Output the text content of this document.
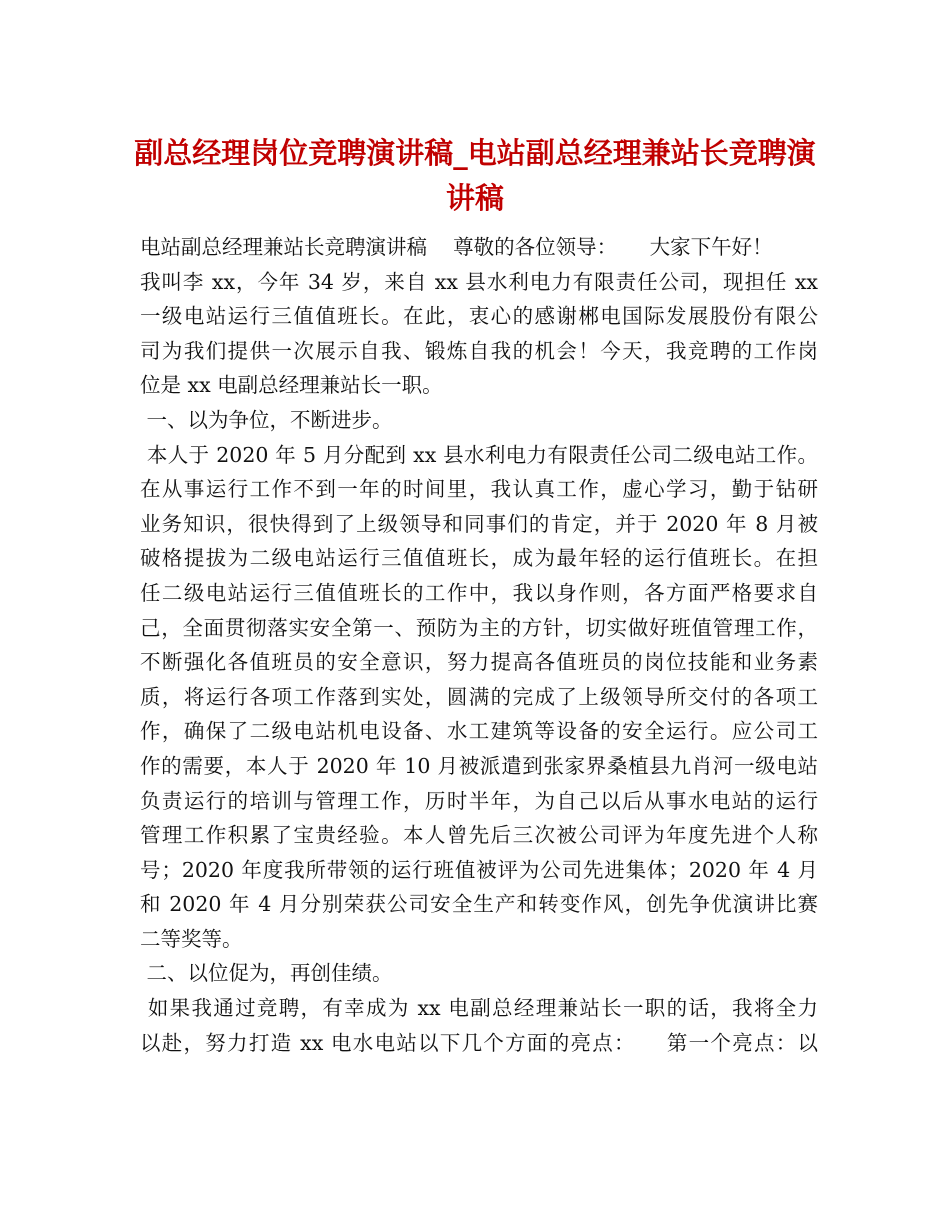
副总经理岗位竞聘演讲稿_电站副总经理兼站长竞聘演
讲稿
电站副总经理兼站长竞聘演讲稿    尊敬的各位领导：     大家下午好！
我叫李 xx，今年 34 岁，来自 xx 县水利电力有限责任公司，现担任 xx
一级电站运行三值值班长。在此，衷心的感谢郴电国际发展股份有限公
司为我们提供一次展示自我、锻炼自我的机会！今天，我竞聘的工作岗
位是 xx 电副总经理兼站长一职。
一、以为争位，不断进步。
本人于 2020 年 5 月分配到 xx 县水利电力有限责任公司二级电站工作。
在从事运行工作不到一年的时间里，我认真工作，虚心学习，勤于钻研
业务知识，很快得到了上级领导和同事们的肯定，并于 2020 年 8 月被
破格提拔为二级电站运行三值值班长，成为最年轻的运行值班长。在担
任二级电站运行三值值班长的工作中，我以身作则，各方面严格要求自
己，全面贯彻落实安全第一、预防为主的方针，切实做好班值管理工作，
不断强化各值班员的安全意识，努力提高各值班员的岗位技能和业务素
质，将运行各项工作落到实处，圆满的完成了上级领导所交付的各项工
作，确保了二级电站机电设备、水工建筑等设备的安全运行。应公司工
作的需要，本人于 2020 年 10 月被派遣到张家界桑植县九肖河一级电站
负责运行的培训与管理工作，历时半年，为自己以后从事水电站的运行
管理工作积累了宝贵经验。本人曾先后三次被公司评为年度先进个人称
号；2020 年度我所带领的运行班值被评为公司先进集体；2020 年 4 月
和 2020 年 4 月分别荣获公司安全生产和转变作风，创先争优演讲比赛
二等奖等。
二、以位促为，再创佳绩。
如果我通过竞聘，有幸成为 xx 电副总经理兼站长一职的话，我将全力
以赴，努力打造 xx 电水电站以下几个方面的亮点：    第一个亮点：以
